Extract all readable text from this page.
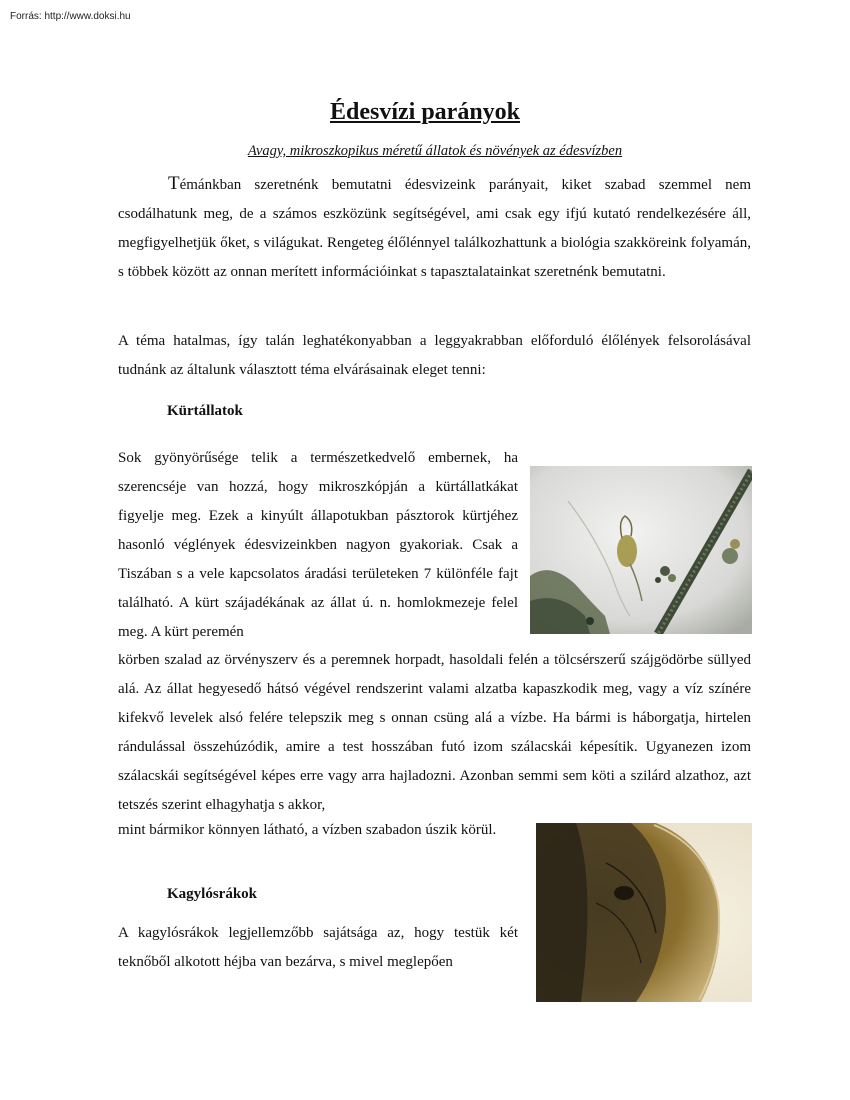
Forrás: http://www.doksi.hu
Édesvízi parányok
Avagy, mikroszkopikus méretű állatok és növények az édesvízben

Témánkban szeretnénk bemutatni édesvizeink parányait, kiket szabad szemmel nem csodálhatunk meg, de a számos eszközünk segítségével, ami csak egy ifjú kutató rendelkezésére áll, megfigyelhetjük őket, s világukat. Rengeteg élőlénnyel találkozhattunk a biológia szakköreink folyamán, s többek között az onnan merített információinkat s tapasztalatainkat szeretnénk bemutatni.

A téma hatalmas, így talán leghatékonyabban a leggyakrabban előforduló élőlények felsorolásával tudnánk az általunk választott téma elvárásainak eleget tenni:

Kürtállatok

Sok gyönyörűsége telik a természetkedvelő embernek, ha szerencséje van hozzá, hogy mikroszkópján a kürtállatkákat figyelje meg. Ezek a kinyúlt állapotukban pásztorok kürtjéhez hasonló véglények édesvizeinkben nagyon gyakoriak. Csak a Tiszában s a vele kapcsolatos áradási területeken 7 különféle fajt található. A kürt szájadékának az állat ú. n. homlokmezeje felel meg. A kürt peremén

körben szalad az örvényszerv és a peremnek horpadt, hasoldali felén a tölcsérszerű szájgödörbe süllyed alá. Az állat hegyesedő hátsó végével rendszerint valami alzatba kapaszkodik meg, vagy a víz színére kifekvő levelek alsó felére telepszik meg s onnan csüng alá a vízbe. Ha bármi is háborgatja, hirtelen rándulással összehúzódik, amire a test hosszában futó izom szálacskái képesítik. Ugyanezen izom szálacskái segítségével képes erre vagy arra hajladozni. Azonban semmi sem köti a szilárd alzathoz, azt tetszés szerint elhagyhatja s akkor,

mint bármikor könnyen látható, a vízben szabadon úszik körül.

Kagylósrákok

A kagylósrákok legjellemzőbb sajátsága az, hogy testük két teknőből alkotott héjba van bezárva, s mivel meglepően
